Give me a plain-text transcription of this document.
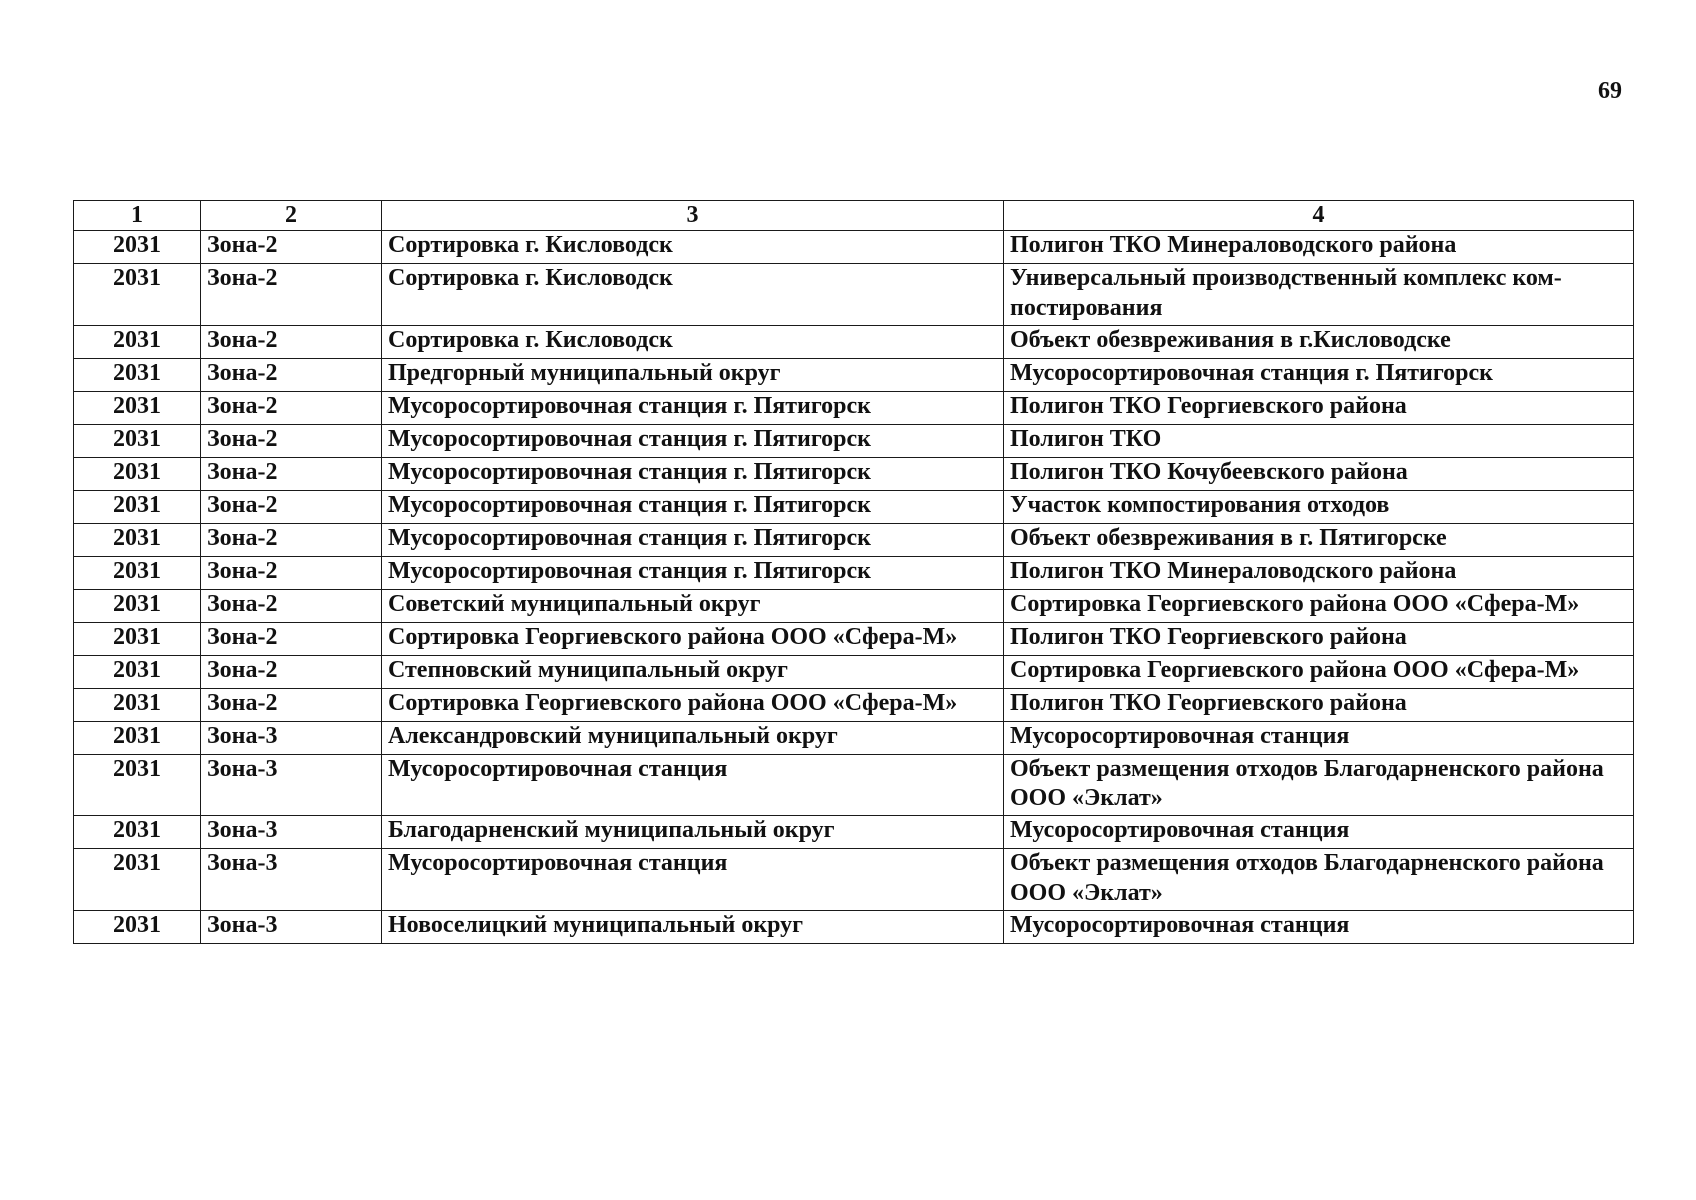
69
1	2	3	4
2031	Зона-2	Сортировка г. Кисловодск	Полигон ТКО Минераловодского района
2031	Зона-2	Сортировка г. Кисловодск	Универсальный производственный комплекс ком-постирования
2031	Зона-2	Сортировка г. Кисловодск	Объект обезвреживания в г.Кисловодске
2031	Зона-2	Предгорный муниципальный округ	Мусоросортировочная станция г. Пятигорск
2031	Зона-2	Мусоросортировочная станция г. Пятигорск	Полигон ТКО Георгиевского района
2031	Зона-2	Мусоросортировочная станция г. Пятигорск	Полигон ТКО
2031	Зона-2	Мусоросортировочная станция г. Пятигорск	Полигон ТКО Кочубеевского района
2031	Зона-2	Мусоросортировочная станция г. Пятигорск	Участок компостирования отходов
2031	Зона-2	Мусоросортировочная станция г. Пятигорск	Объект обезвреживания в г. Пятигорске
2031	Зона-2	Мусоросортировочная станция г. Пятигорск	Полигон ТКО Минераловодского района
2031	Зона-2	Советский муниципальный округ	Сортировка Георгиевского района ООО «Сфера-М»
2031	Зона-2	Сортировка Георгиевского района ООО «Сфера-М»	Полигон ТКО Георгиевского района
2031	Зона-2	Степновский муниципальный округ	Сортировка Георгиевского района ООО «Сфера-М»
2031	Зона-2	Сортировка Георгиевского района ООО «Сфера-М»	Полигон ТКО Георгиевского района
2031	Зона-3	Александровский муниципальный округ	Мусоросортировочная станция
2031	Зона-3	Мусоросортировочная станция	Объект размещения отходов Благодарненского района ООО «Эклат»
2031	Зона-3	Благодарненский муниципальный округ	Мусоросортировочная станция
2031	Зона-3	Мусоросортировочная станция	Объект размещения отходов Благодарненского района ООО «Эклат»
2031	Зона-3	Новоселицкий муниципальный округ	Мусоросортировочная станция
